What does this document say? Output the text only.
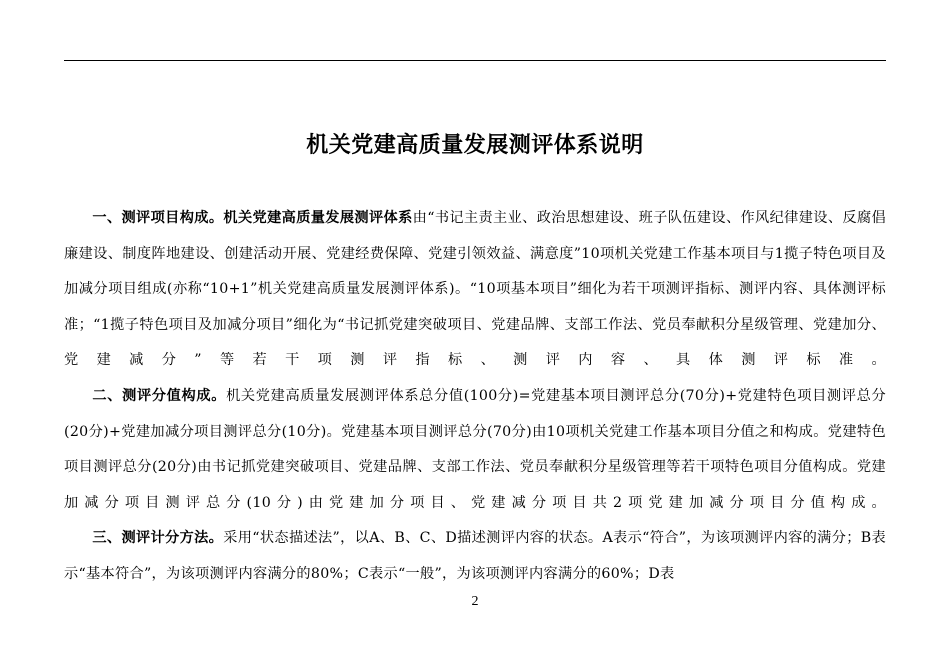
机关党建高质量发展测评体系说明

一、测评项目构成。机关党建高质量发展测评体系由“书记主责主业、政治思想建设、班子队伍建设、作风纪律建设、反腐倡廉建设、制度阵地建设、创建活动开展、党建经费保障、党建引领效益、满意度”10项机关党建工作基本项目与1揽子特色项目及加减分项目组成(亦称“10+1”机关党建高质量发展测评体系)。“10项基本项目”细化为若干项测评指标、测评内容、具体测评标准；“1揽子特色项目及加减分项目”细化为“书记抓党建突破项目、党建品牌、支部工作法、党员奉献积分星级管理、党建加分、党建减分”等若干项测评指标、测评内容、具体测评标准。

二、测评分值构成。机关党建高质量发展测评体系总分值(100分)=党建基本项目测评总分(70分)+党建特色项目测评总分(20分)+党建加减分项目测评总分(10分)。党建基本项目测评总分(70分)由10项机关党建工作基本项目分值之和构成。党建特色项目测评总分(20分)由书记抓党建突破项目、党建品牌、支部工作法、党员奉献积分星级管理等若干项特色项目分值构成。党建加减分项目测评总分(10分)由党建加分项目、党建减分项目共2项党建加减分项目分值构成。

三、测评计分方法。采用“状态描述法”，以A、B、C、D描述测评内容的状态。A表示“符合”，为该项测评内容的满分；B表示“基本符合”，为该项测评内容满分的80%；C表示“一般”，为该项测评内容满分的60%；D表

2
